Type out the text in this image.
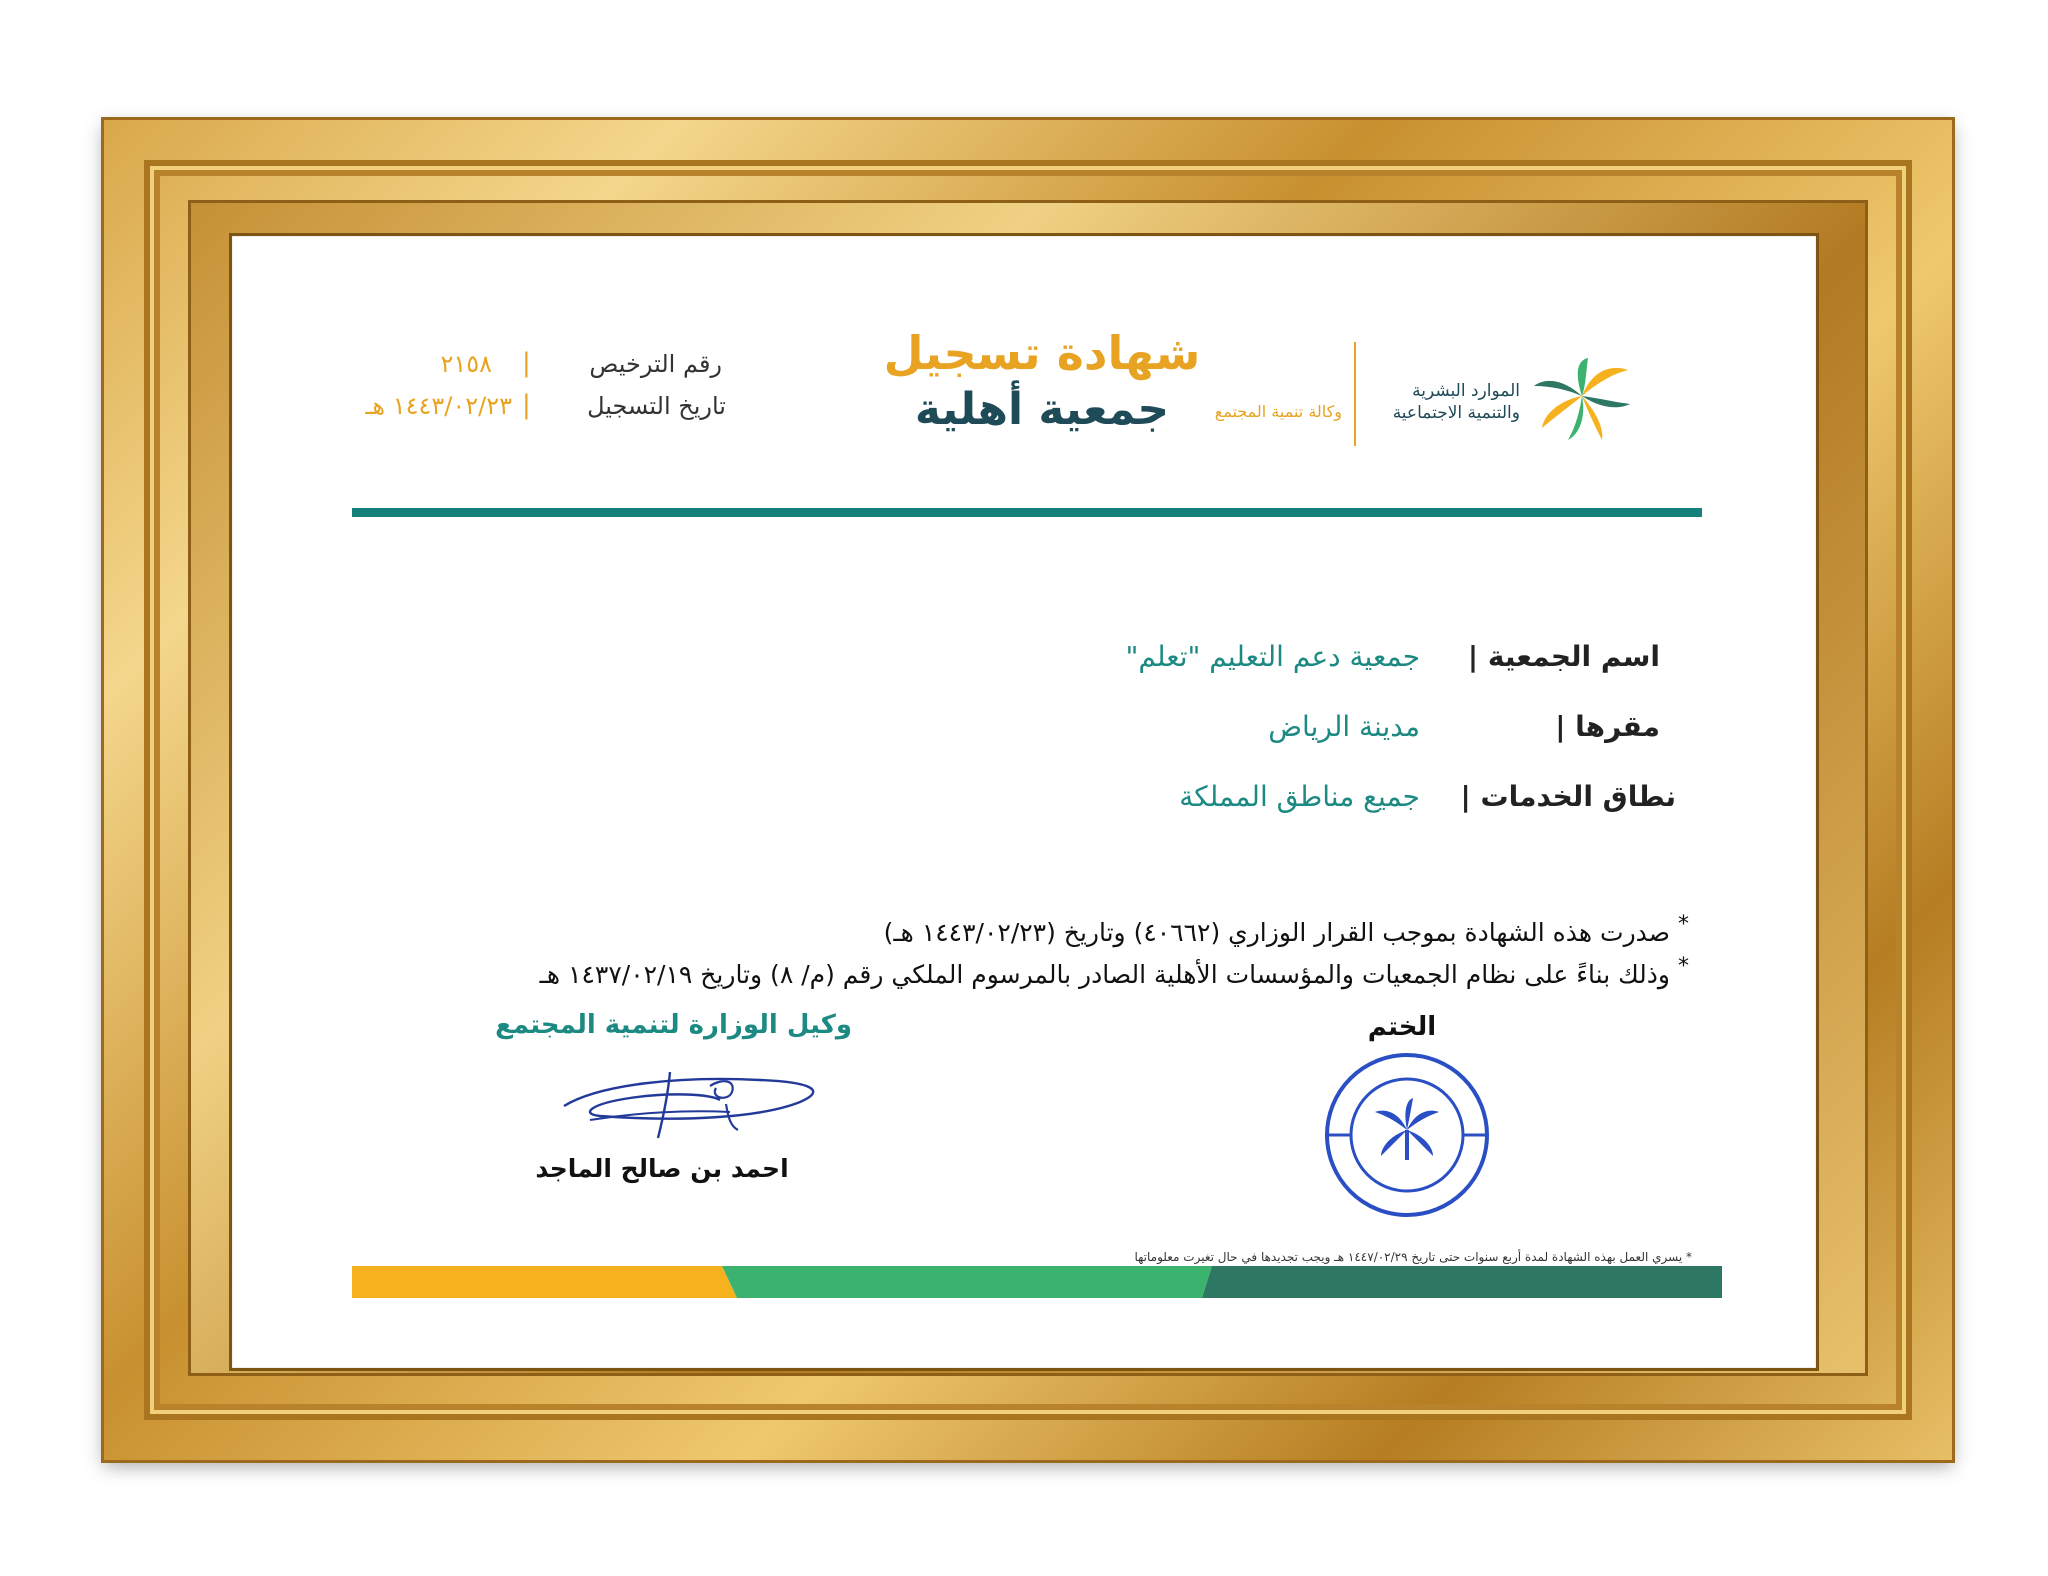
الموارد البشرية
والتنمية الاجتماعية
وكالة تنمية المجتمع
شهادة تسجيل
جمعية أهلية
رقم الترخيص
|
٢١٥٨
تاريخ التسجيل
|
١٤٤٣/٠٢/٢٣ هـ
اسم الجمعية |
جمعية دعم التعليم "تعلم"
مقرها |
مدينة الرياض
نطاق الخدمات |
جميع مناطق المملكة
*
صدرت هذه الشهادة بموجب القرار الوزاري (٤٠٦٦٢) وتاريخ (١٤٤٣/٠٢/٢٣ هـ)
*
وذلك بناءً على نظام الجمعيات والمؤسسات الأهلية الصادر بالمرسوم الملكي رقم (م/ ٨) وتاريخ ١٤٣٧/٠٢/١٩ هـ
الختم
وكيل الوزارة لتنمية المجتمع
احمد بن صالح الماجد
* يسري العمل بهذه الشهادة لمدة أربع سنوات حتى تاريخ ١٤٤٧/٠٢/٢٩ هـ ويجب تجديدها في حال تغيرت معلوماتها
